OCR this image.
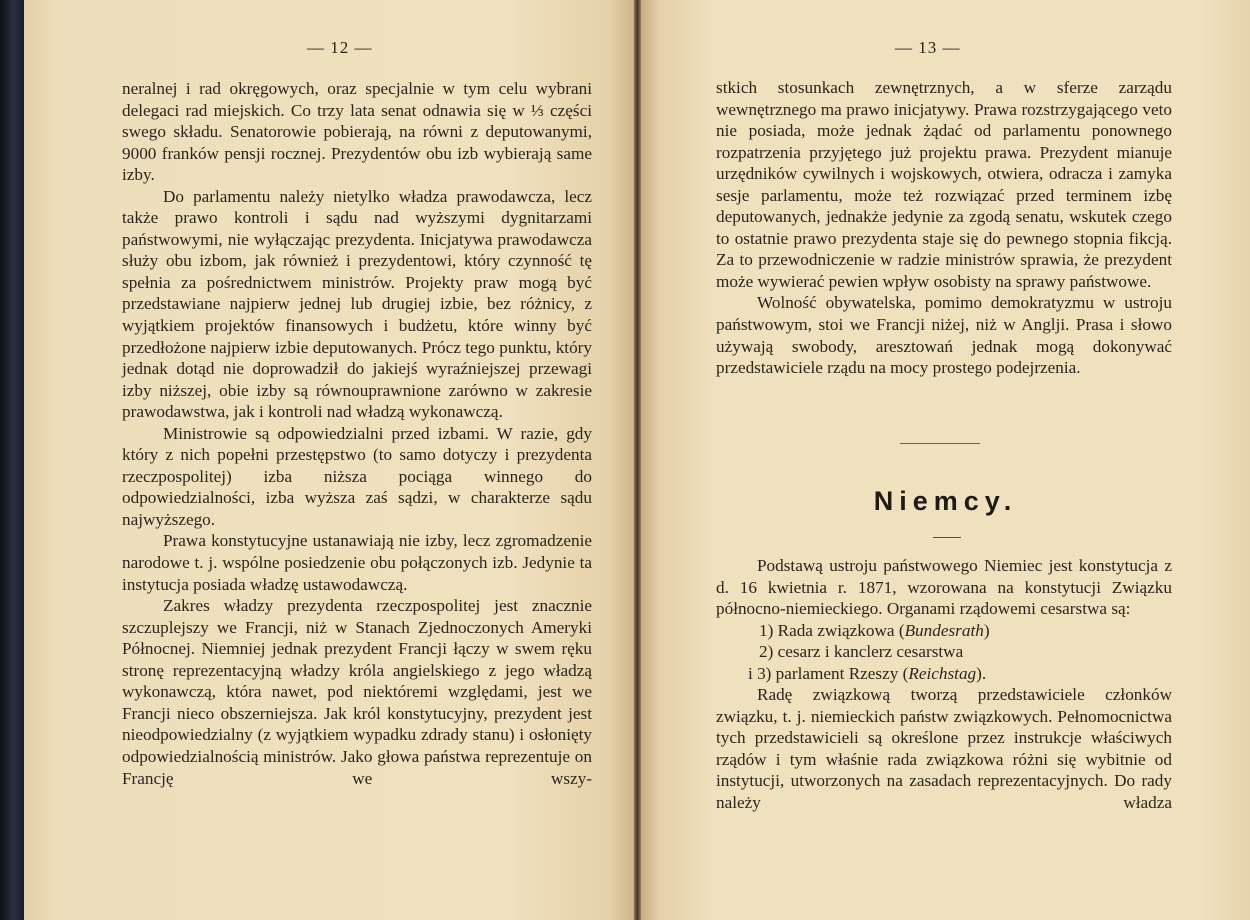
— 12 —

neralnej i rad okręgowych, oraz specjalnie w tym celu wybrani delegaci rad miejskich. Co trzy lata senat odnawia się w ⅓ części swego składu. Senatorowie pobierają, na równi z deputowanymi, 9000 franków pensji rocznej. Prezydentów obu izb wybierają same izby.

Do parlamentu należy nietylko władza prawodawcza, lecz także prawo kontroli i sądu nad wyższymi dygnitarzami państwowymi, nie wyłączając prezydenta. Inicjatywa prawodawcza służy obu izbom, jak również i prezydentowi, który czynność tę spełnia za pośrednictwem ministrów. Projekty praw mogą być przedstawiane najpierw jednej lub drugiej izbie, bez różnicy, z wyjątkiem projektów finansowych i budżetu, które winny być przedłożone najpierw izbie deputowanych. Prócz tego punktu, który jednak dotąd nie doprowadził do jakiejś wyraźniejszej przewagi izby niższej, obie izby są równouprawnione zarówno w zakresie prawodawstwa, jak i kontroli nad władzą wykonawczą.

Ministrowie są odpowiedzialni przed izbami. W razie, gdy który z nich popełni przestępstwo (to samo dotyczy i prezydenta rzeczpospolitej) izba niższa pociąga winnego do odpowiedzialności, izba wyższa zaś sądzi, w charakterze sądu najwyższego.

Prawa konstytucyjne ustanawiają nie izby, lecz zgromadzenie narodowe t. j. wspólne posiedzenie obu połączonych izb. Jedynie ta instytucja posiada władzę ustawodawczą.

Zakres władzy prezydenta rzeczpospolitej jest znacznie szczuplejszy we Francji, niż w Stanach Zjednoczonych Ameryki Północnej. Niemniej jednak prezydent Francji łączy w swem ręku stronę reprezentacyjną władzy króla angielskiego z jego władzą wykonawczą, która nawet, pod niektóremi względami, jest we Francji nieco obszerniejsza. Jak król konstytucyjny, prezydent jest nieodpowiedzialny (z wyjątkiem wypadku zdrady stanu) i osłonięty odpowiedzialnością ministrów. Jako głowa państwa reprezentuje on Francję we wszy-

— 13 —

stkich stosunkach zewnętrznych, a w sferze zarządu wewnętrznego ma prawo inicjatywy. Prawa rozstrzygającego veto nie posiada, może jednak żądać od parlamentu ponownego rozpatrzenia przyjętego już projektu prawa. Prezydent mianuje urzędników cywilnych i wojskowych, otwiera, odracza i zamyka sesje parlamentu, może też rozwiązać przed terminem izbę deputowanych, jednakże jedynie za zgodą senatu, wskutek czego to ostatnie prawo prezydenta staje się do pewnego stopnia fikcją. Za to przewodniczenie w radzie ministrów sprawia, że prezydent może wywierać pewien wpływ osobisty na sprawy państwowe.

Wolność obywatelska, pomimo demokratyzmu w ustroju państwowym, stoi we Francji niżej, niż w Anglji. Prasa i słowo używają swobody, aresztowań jednak mogą dokonywać przedstawiciele rządu na mocy prostego podejrzenia.

Niemcy.

Podstawą ustroju państwowego Niemiec jest konstytucja z d. 16 kwietnia r. 1871, wzorowana na konstytucji Związku północno-niemieckiego. Organami rządowemi cesarstwa są:

1) Rada związkowa (Bundesrath)

2) cesarz i kanclerz cesarstwa

i 3) parlament Rzeszy (Reichstag).

Radę związkową tworzą przedstawiciele członków związku, t. j. niemieckich państw związkowych. Pełnomocnictwa tych przedstawicieli są określone przez instrukcje właściwych rządów i tym właśnie rada związkowa różni się wybitnie od instytucji, utworzonych na zasadach reprezentacyjnych. Do rady należy władza
